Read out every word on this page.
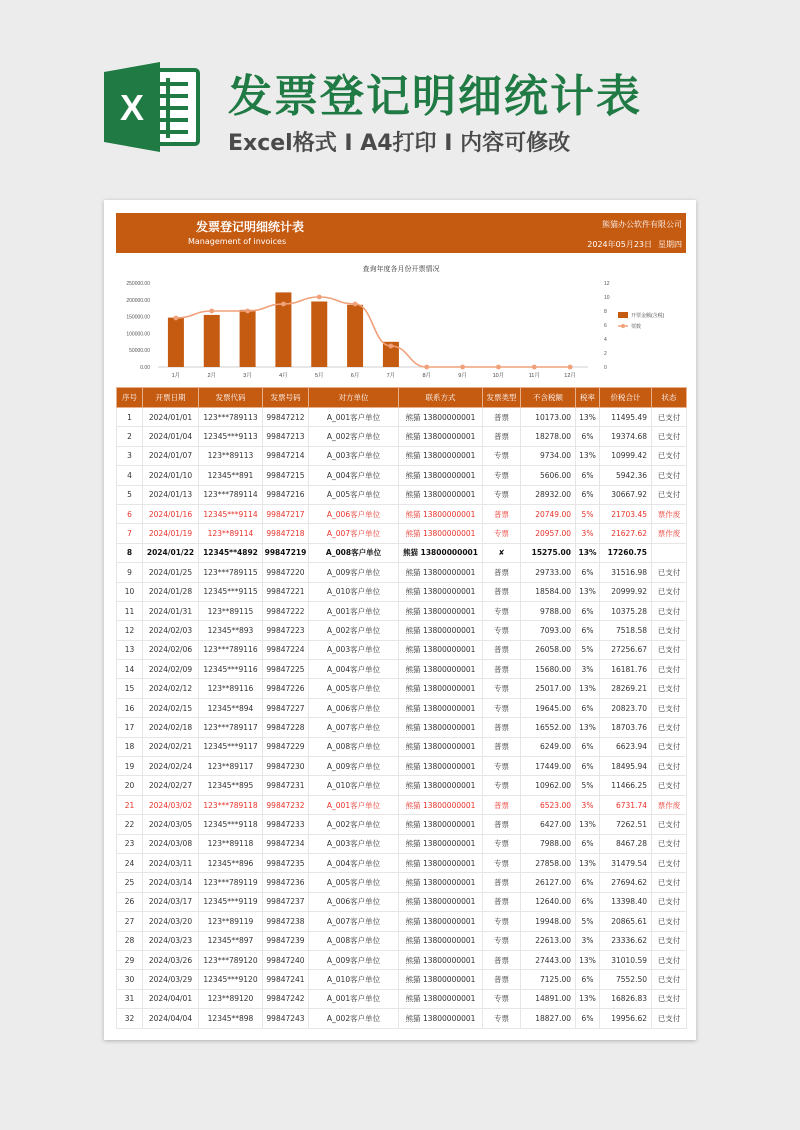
X 发票登记明细统计表
Excel格式 I A4打印 I 内容可修改
发票登记明细统计表
Management of invoices
熊猫办公软件有限公司
2024年05月23日 星期四
查询年度各月份开票情况
0.00
50000.00
100000.00
150000.00
200000.00
250000.00
0
2
4
6
8
10
12
1月	2月	3月	4月	5月	6月	7月	8月	9月	10月	11月	12月
开票金额(含税)
票数
序号	开票日期	发票代码	发票号码	对方单位	联系方式	发票类型	不含税额	税率	价税合计	状态
1	2024/01/01	123***789113	99847212	A_001客户单位	熊猫 13800000001	普票	10173.00	13%	11495.49	已支付
2	2024/01/04	12345***9113	99847213	A_002客户单位	熊猫 13800000001	普票	18278.00	6%	19374.68	已支付
3	2024/01/07	123**89113	99847214	A_003客户单位	熊猫 13800000001	专票	9734.00	13%	10999.42	已支付
4	2024/01/10	12345**891	99847215	A_004客户单位	熊猫 13800000001	专票	5606.00	6%	5942.36	已支付
5	2024/01/13	123***789114	99847216	A_005客户单位	熊猫 13800000001	专票	28932.00	6%	30667.92	已支付
6	2024/01/16	12345***9114	99847217	A_006客户单位	熊猫 13800000001	普票	20749.00	5%	21703.45	票作废
7	2024/01/19	123**89114	99847218	A_007客户单位	熊猫 13800000001	专票	20957.00	3%	21627.62	票作废
8	2024/01/22	12345**4892	99847219	A_008客户单位	熊猫 13800000001	✘	15275.00	13%	17260.75	
9	2024/01/25	123***789115	99847220	A_009客户单位	熊猫 13800000001	普票	29733.00	6%	31516.98	已支付
10	2024/01/28	12345***9115	99847221	A_010客户单位	熊猫 13800000001	普票	18584.00	13%	20999.92	已支付
11	2024/01/31	123**89115	99847222	A_001客户单位	熊猫 13800000001	专票	9788.00	6%	10375.28	已支付
12	2024/02/03	12345**893	99847223	A_002客户单位	熊猫 13800000001	专票	7093.00	6%	7518.58	已支付
13	2024/02/06	123***789116	99847224	A_003客户单位	熊猫 13800000001	普票	26058.00	5%	27256.67	已支付
14	2024/02/09	12345***9116	99847225	A_004客户单位	熊猫 13800000001	普票	15680.00	3%	16181.76	已支付
15	2024/02/12	123**89116	99847226	A_005客户单位	熊猫 13800000001	专票	25017.00	13%	28269.21	已支付
16	2024/02/15	12345**894	99847227	A_006客户单位	熊猫 13800000001	专票	19645.00	6%	20823.70	已支付
17	2024/02/18	123***789117	99847228	A_007客户单位	熊猫 13800000001	普票	16552.00	13%	18703.76	已支付
18	2024/02/21	12345***9117	99847229	A_008客户单位	熊猫 13800000001	普票	6249.00	6%	6623.94	已支付
19	2024/02/24	123**89117	99847230	A_009客户单位	熊猫 13800000001	专票	17449.00	6%	18495.94	已支付
20	2024/02/27	12345**895	99847231	A_010客户单位	熊猫 13800000001	专票	10962.00	5%	11466.25	已支付
21	2024/03/02	123***789118	99847232	A_001客户单位	熊猫 13800000001	普票	6523.00	3%	6731.74	票作废
22	2024/03/05	12345***9118	99847233	A_002客户单位	熊猫 13800000001	普票	6427.00	13%	7262.51	已支付
23	2024/03/08	123**89118	99847234	A_003客户单位	熊猫 13800000001	专票	7988.00	6%	8467.28	已支付
24	2024/03/11	12345**896	99847235	A_004客户单位	熊猫 13800000001	专票	27858.00	13%	31479.54	已支付
25	2024/03/14	123***789119	99847236	A_005客户单位	熊猫 13800000001	普票	26127.00	6%	27694.62	已支付
26	2024/03/17	12345***9119	99847237	A_006客户单位	熊猫 13800000001	普票	12640.00	6%	13398.40	已支付
27	2024/03/20	123**89119	99847238	A_007客户单位	熊猫 13800000001	专票	19948.00	5%	20865.61	已支付
28	2024/03/23	12345**897	99847239	A_008客户单位	熊猫 13800000001	专票	22613.00	3%	23336.62	已支付
29	2024/03/26	123***789120	99847240	A_009客户单位	熊猫 13800000001	普票	27443.00	13%	31010.59	已支付
30	2024/03/29	12345***9120	99847241	A_010客户单位	熊猫 13800000001	普票	7125.00	6%	7552.50	已支付
31	2024/04/01	123**89120	99847242	A_001客户单位	熊猫 13800000001	专票	14891.00	13%	16826.83	已支付
32	2024/04/04	12345**898	99847243	A_002客户单位	熊猫 13800000001	专票	18827.00	6%	19956.62	已支付
